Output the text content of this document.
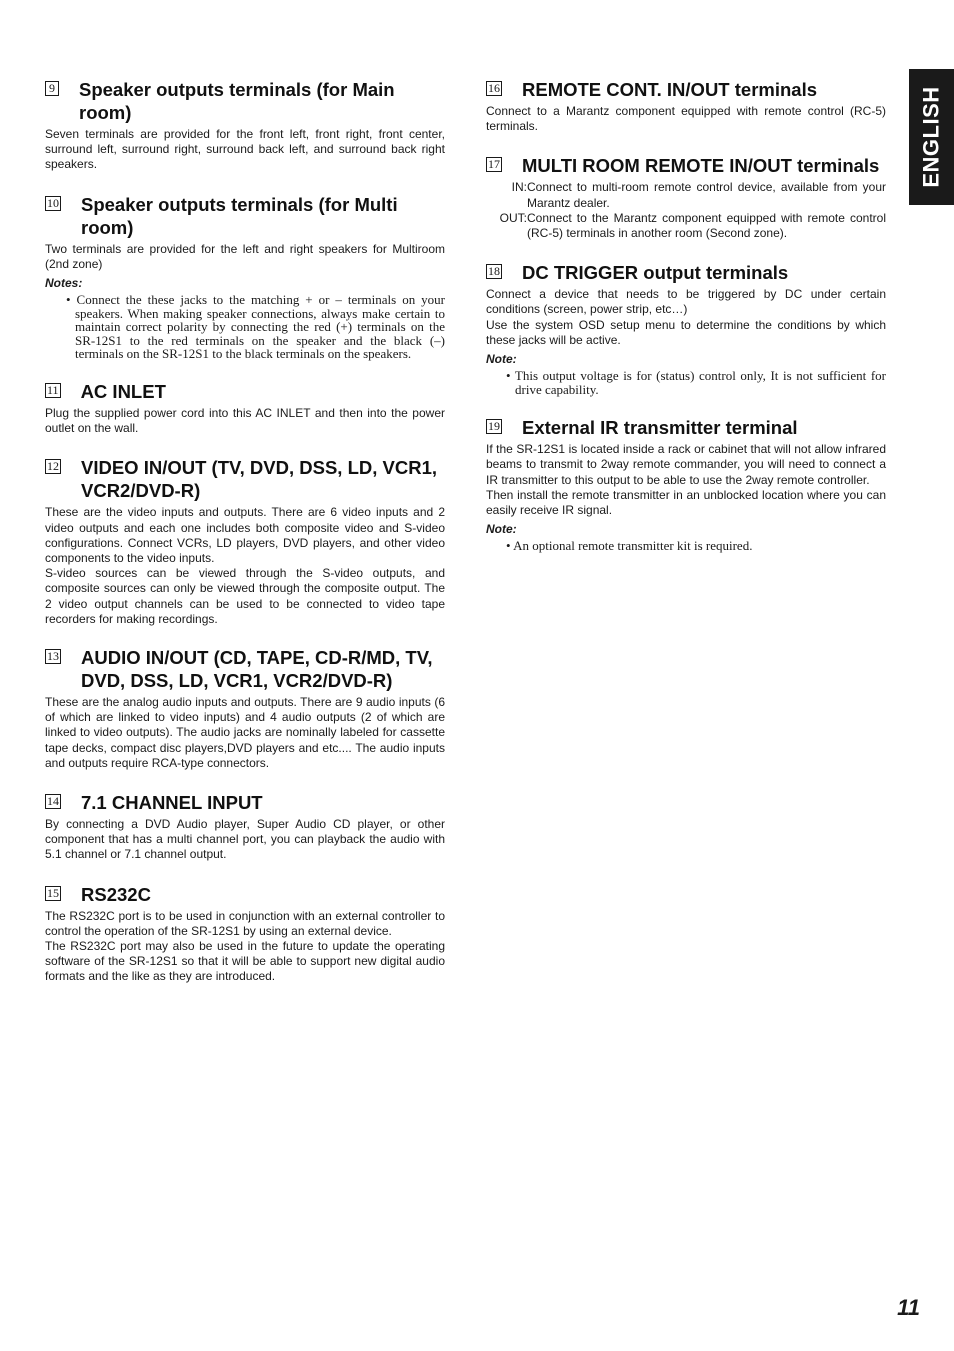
9 Speaker outputs terminals (for Main room)
Seven terminals are provided for the front left, front right, front center, surround left, surround right, surround back left, and surround back right speakers.
10 Speaker outputs terminals (for Multi room)
Two terminals are provided for the left and right speakers for Multiroom (2nd zone)
Notes:
• Connect the these jacks to the matching + or – terminals on your speakers. When making speaker connections, always make certain to maintain correct polarity by connecting the red (+) terminals on the SR-12S1 to the red terminals on the speaker and the black (–) terminals on the SR-12S1 to the black terminals on the speakers.
11 AC INLET
Plug the supplied power cord into this AC INLET and then into the power outlet on the wall.
12 VIDEO IN/OUT (TV, DVD, DSS, LD, VCR1, VCR2/DVD-R)
These are the video inputs and outputs. There are 6 video inputs and 2 video outputs and each one includes both composite video and S-video configurations. Connect VCRs, LD players, DVD players, and other video components to the video inputs.
S-video sources can be viewed through the S-video outputs, and composite sources can only be viewed through the composite output. The 2 video output channels can be used to be connected to video tape recorders for making recordings.
13 AUDIO IN/OUT (CD, TAPE, CD-R/MD, TV, DVD, DSS, LD, VCR1, VCR2/DVD-R)
These are the analog audio inputs and outputs. There are 9 audio inputs (6 of which are linked to video inputs) and 4 audio outputs (2 of which are linked to video outputs). The audio jacks are nominally labeled for cassette tape decks, compact disc players,DVD players and etc.... The audio inputs and outputs require RCA-type connectors.
14 7.1 CHANNEL INPUT
By connecting a DVD Audio player, Super Audio CD player, or other component that has a multi channel port, you can playback the audio with 5.1 channel or 7.1 channel output.
15 RS232C
The RS232C port is to be used in conjunction with an external controller to control the operation of the SR-12S1 by using an external device.
The RS232C port may also be used in the future to update the operating software of the SR-12S1 so that it will be able to support new digital audio formats and the like as they are introduced.
16 REMOTE CONT. IN/OUT terminals
Connect to a Marantz component equipped with remote control (RC-5) terminals.
17 MULTI ROOM REMOTE IN/OUT terminals
IN: Connect to multi-room remote control device, available from your Marantz dealer.
OUT: Connect to the Marantz component equipped with remote control (RC-5) terminals in another room (Second zone).
18 DC TRIGGER output terminals
Connect a device that needs to be triggered by DC under certain conditions (screen, power strip, etc…)
Use the system OSD setup menu to determine the conditions by which these jacks will be active.
Note:
• This output voltage is for (status) control only, It is not sufficient for drive capability.
19 External IR transmitter terminal
If the SR-12S1 is located inside a rack or cabinet that will not allow infrared beams to transmit to 2way remote commander, you will need to connect a IR transmitter to this output to be able to use the 2way remote controller.
Then install the remote transmitter in an unblocked location where you can easily receive IR signal.
Note:
• An optional remote transmitter kit is required.
ENGLISH
11
